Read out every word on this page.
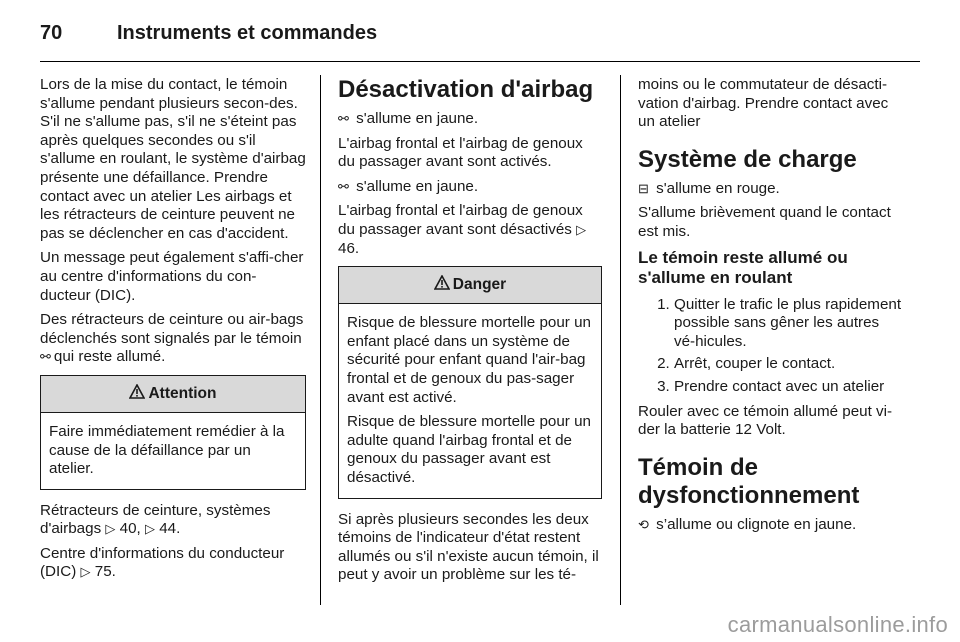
70	Instruments et commandes

Lors de la mise du contact, le témoin s'allume pendant plusieurs secon-des. S'il ne s'allume pas, s'il ne s'éteint pas après quelques secondes ou s'il s'allume en roulant, le système d'airbag présente une défaillance. Prendre contact avec un atelier Les airbags et les rétracteurs de ceinture peuvent ne pas se déclencher en cas d'accident.

Un message peut également s'affi-cher au centre d'informations du con-ducteur (DIC).

Des rétracteurs de ceinture ou air-bags déclenchés sont signalés par le témoin ⚯ qui reste allumé.

Attention

Faire immédiatement remédier à la cause de la défaillance par un atelier.

Rétracteurs de ceinture, systèmes d'airbags ▷ 40, ▷ 44.

Centre d'informations du conducteur (DIC) ▷ 75.

Désactivation d'airbag

⚯ s'allume en jaune.

L'airbag frontal et l'airbag de genoux du passager avant sont activés.

⚯ s'allume en jaune.

L'airbag frontal et l'airbag de genoux du passager avant sont désactivés ▷ 46.

Danger

Risque de blessure mortelle pour un enfant placé dans un système de sécurité pour enfant quand l'air-bag frontal et de genoux du pas-sager avant est activé.

Risque de blessure mortelle pour un adulte quand l'airbag frontal et de genoux du passager avant est désactivé.

Si après plusieurs secondes les deux témoins de l'indicateur d'état restent allumés ou s'il n'existe aucun témoin, il peut y avoir un problème sur les té-

moins ou le commutateur de désacti-vation d'airbag. Prendre contact avec un atelier

Système de charge

⊟ s'allume en rouge.

S'allume brièvement quand le contact est mis.

Le témoin reste allumé ou s'allume en roulant
1. Quitter le trafic le plus rapidement possible sans gêner les autres vé-hicules.
2. Arrêt, couper le contact.
3. Prendre contact avec un atelier

Rouler avec ce témoin allumé peut vi-der la batterie 12 Volt.

Témoin de dysfonctionnement

⟲ s’allume ou clignote en jaune.

carmanualsonline.info
